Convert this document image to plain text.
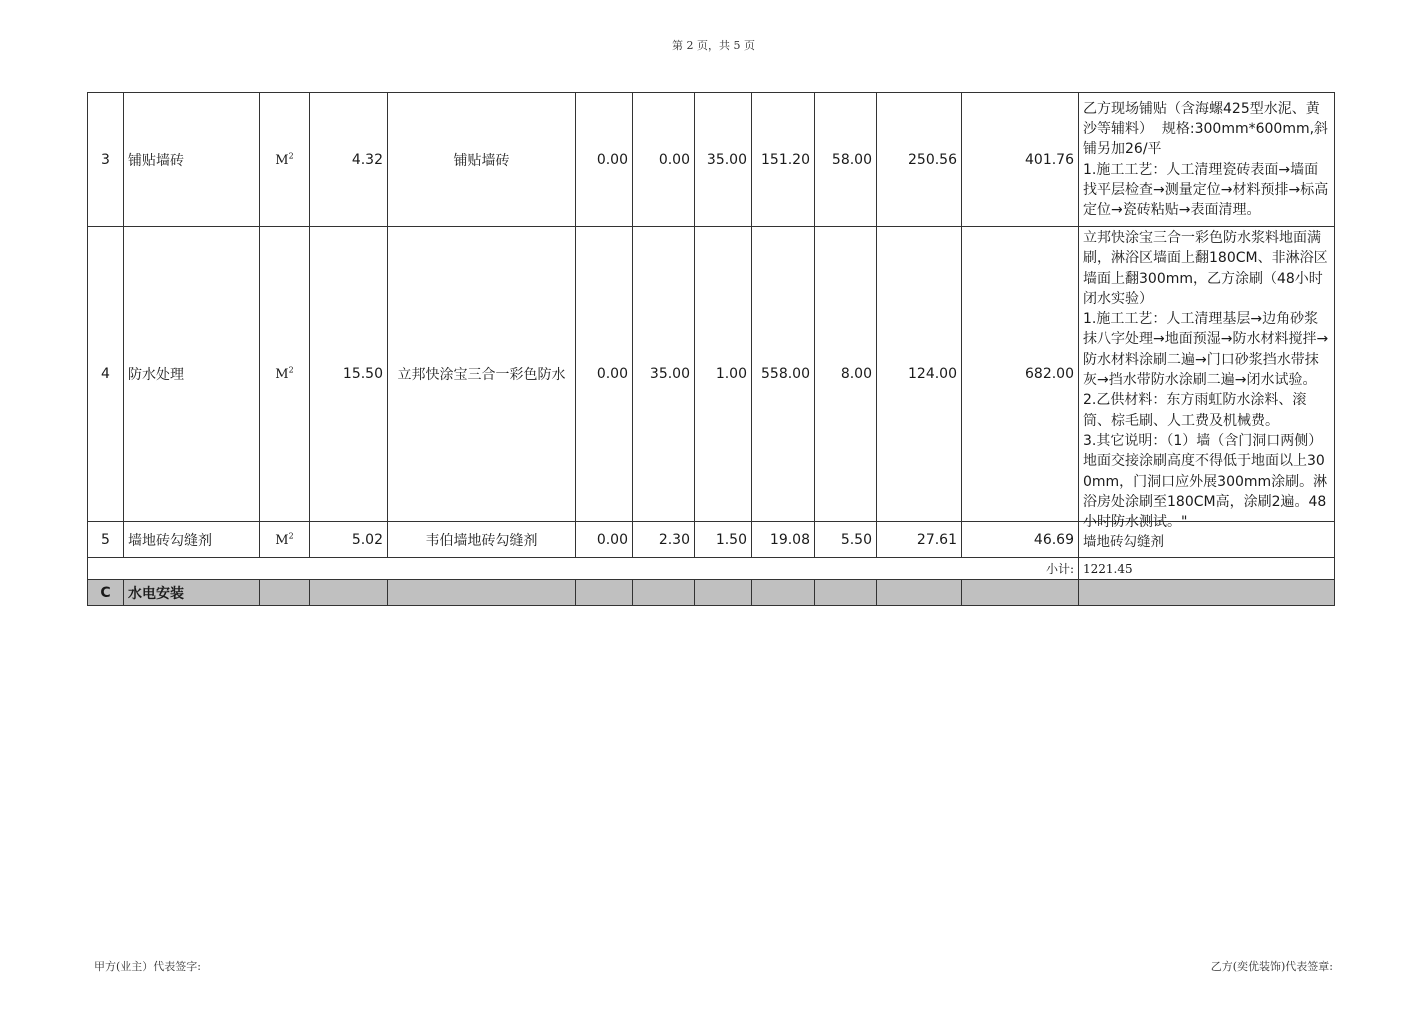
第 2 页，共 5 页
3	铺贴墙砖	$M^2$	4.32	铺贴墙砖	0.00	0.00	35.00	151.20	58.00	250.56	401.76	乙方现场铺贴（含海螺425型水泥、黄沙等辅料）  规格:300mm*600mm,斜铺另加26/平
1.施工工艺：人工清理瓷砖表面→墙面找平层检查→测量定位→材料预排→标高定位→瓷砖粘贴→表面清理。
4	防水处理	$M^2$	15.50	立邦快涂宝三合一彩色防水	0.00	35.00	1.00	558.00	8.00	124.00	682.00	立邦快涂宝三合一彩色防水浆料地面满刷，淋浴区墙面上翻180CM、非淋浴区墙面上翻300mm，乙方涂刷（48小时闭水实验）
1.施工工艺：人工清理基层→边角砂浆抹八字处理→地面预湿→防水材料搅拌→防水材料涂刷二遍→门口砂浆挡水带抹灰→挡水带防水涂刷二遍→闭水试验。
2.乙供材料：东方雨虹防水涂料、滚筒、棕毛刷、人工费及机械费。
3.其它说明：（1）墙（含门洞口两侧）地面交接涂刷高度不得低于地面以上300mm，门洞口应外展300mm涂刷。淋浴房处涂刷至180CM高，涂刷2遍。48小时防水测试。"

5	墙地砖勾缝剂	$M^2$	5.02	韦伯墙地砖勾缝剂	0.00	2.30	1.50	19.08	5.50	27.61	46.69	墙地砖勾缝剂
小计:												1221.45
C	水电安装											
甲方(业主）代表签字:	乙方(奕优装饰)代表签章:
